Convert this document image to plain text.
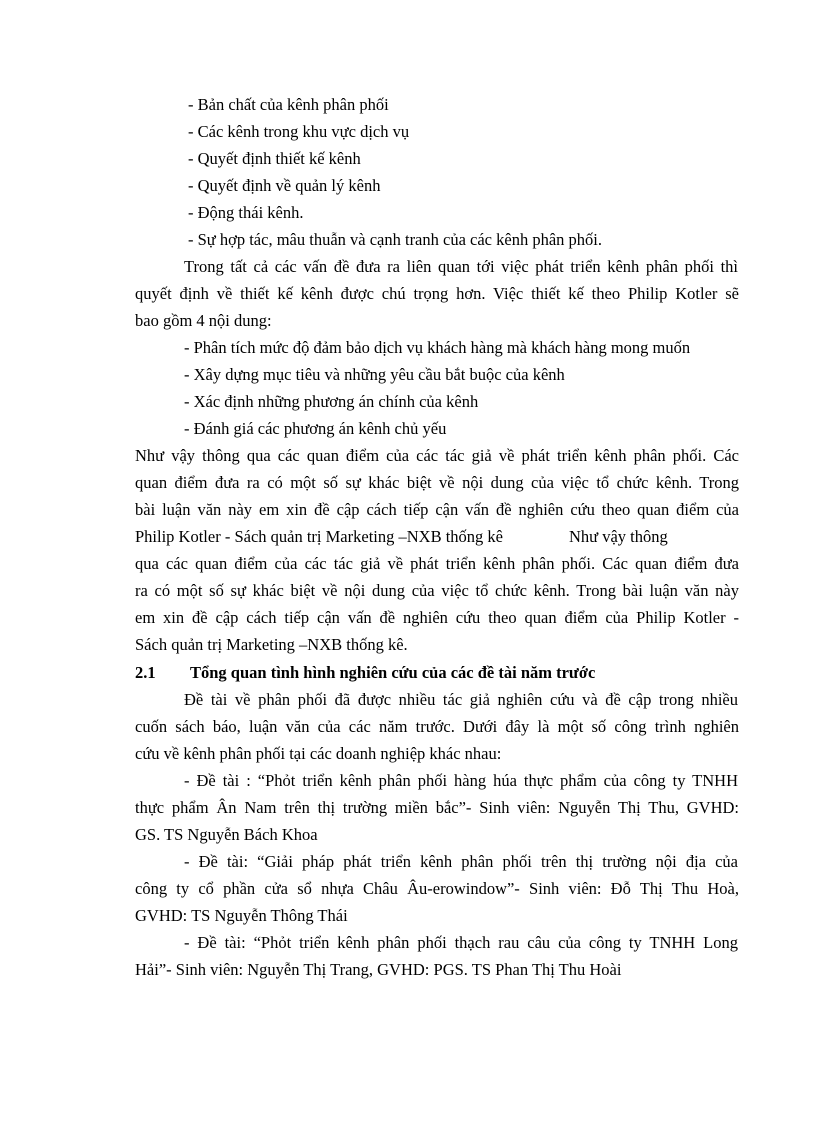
- Bản chất của kênh phân phối
- Các kênh trong khu vực dịch vụ
- Quyết định thiết kế kênh
- Quyết định về quản lý kênh
- Động thái kênh.
- Sự hợp tác, mâu thuẫn và cạnh tranh của các kênh phân phối.
Trong tất cả các vấn đề đưa ra liên quan tới việc phát triển kênh phân phối thì
quyết định về thiết kế kênh được chú trọng hơn. Việc thiết kế theo Philip Kotler sẽ
bao gồm 4 nội dung:
- Phân tích mức độ đảm bảo dịch vụ khách hàng mà khách hàng mong muốn
- Xây dựng mục tiêu và những yêu cầu bắt buộc của kênh
- Xác định những phương án chính của kênh
- Đánh giá các phương án kênh chủ yếu
Như vậy thông qua các quan điểm của các tác giả về phát triển kênh phân phối. Các
quan điểm đưa ra có một số sự khác biệt về nội dung của việc tổ chức kênh. Trong
bài luận văn này em xin đề cập cách tiếp cận vấn đề nghiên cứu theo quan điểm của
Philip Kotler - Sách quản trị Marketing –NXB thống kê                Như vậy thông
qua các quan điểm của các tác giả về phát triển kênh phân phối. Các quan điểm đưa
ra có một số sự khác biệt về nội dung của việc tổ chức kênh. Trong bài luận văn này
em xin đề cập cách tiếp cận vấn đề nghiên cứu theo quan điểm của Philip Kotler -
Sách quản trị Marketing –NXB thống kê.
2.1 Tổng quan tình hình nghiên cứu của các đề tài năm trước
Đề tài về phân phối đã được nhiều tác giả nghiên cứu và đề cập trong nhiều
cuốn sách báo, luận văn của các năm trước. Dưới đây là một số công trình nghiên
cứu về kênh phân phối tại các doanh nghiệp khác nhau:
- Đề tài : “Phỏt triển kênh phân phối hàng húa thực phẩm của công ty TNHH
thực phẩm Ân Nam trên thị trường miền bắc”- Sinh viên: Nguyễn Thị Thu, GVHD:
GS. TS Nguyễn Bách Khoa
- Đề tài: “Giải pháp phát triển kênh phân phối trên thị trường nội địa của
công ty cổ phần cửa sổ nhựa Châu Âu-erowindow”- Sinh viên: Đỗ Thị Thu Hoà,
GVHD: TS Nguyễn Thông Thái
- Đề tài: “Phỏt triển kênh phân phối thạch rau câu của công ty TNHH Long
Hải”- Sinh viên: Nguyễn Thị Trang, GVHD: PGS. TS Phan Thị Thu Hoài
